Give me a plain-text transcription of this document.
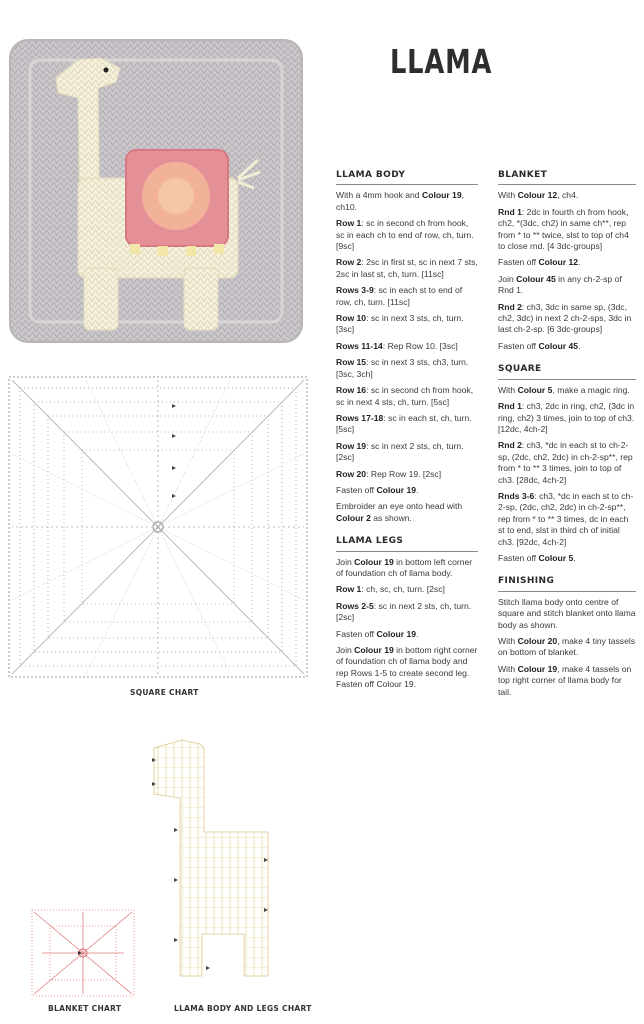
LLAMA
SQUARE CHART
BLANKET CHART	LLAMA BODY AND LEGS CHART
LLAMA BODY

With a 4mm hook and Colour 19, ch10.

Row 1: sc in second ch from hook, sc in each ch to end of row, ch, turn. [9sc]

Row 2: 2sc in first st, sc in next 7 sts, 2sc in last st, ch, turn. [11sc]

Rows 3-9: sc in each st to end of row, ch, turn. [11sc]

Row 10: sc in next 3 sts, ch, turn. [3sc]

Rows 11-14: Rep Row 10. [3sc]

Row 15: sc in next 3 sts, ch3, turn. [3sc, 3ch]

Row 16: sc in second ch from hook, sc in next 4 sts, ch, turn. [5sc]

Rows 17-18: sc in each st, ch, turn. [5sc]

Row 19: sc in next 2 sts, ch, turn. [2sc]

Row 20: Rep Row 19. [2sc]

Fasten off Colour 19.

Embroider an eye onto head with Colour 2 as shown.

LLAMA LEGS

Join Colour 19 in bottom left corner of foundation ch of llama body.

Row 1: ch, sc, ch, turn. [2sc]

Rows 2-5: sc in next 2 sts, ch, turn. [2sc]

Fasten off Colour 19.

Join Colour 19 in bottom right corner of foundation ch of llama body and rep Rows 1-5 to create second leg. Fasten off Colour 19.

BLANKET

With Colour 12, ch4.

Rnd 1: 2dc in fourth ch from hook, ch2, *(3dc, ch2) in same ch**, rep from * to ** twice, slst to top of ch4 to close rnd. [4 3dc-groups]

Fasten off Colour 12.

Join Colour 45 in any ch-2-sp of Rnd 1.

Rnd 2: ch3, 3dc in same sp, (3dc, ch2, 3dc) in next 2 ch-2-sps, 3dc in last ch-2-sp. [6 3dc-groups]

Fasten off Colour 45.

SQUARE

With Colour 5, make a magic ring.

Rnd 1: ch3, 2dc in ring, ch2, (3dc in ring, ch2) 3 times, join to top of ch3. [12dc, 4ch-2]

Rnd 2: ch3, *dc in each st to ch-2-sp, (2dc, ch2, 2dc) in ch-2-sp**, rep from * to ** 3 times, join to top of ch3. [28dc, 4ch-2]

Rnds 3-6: ch3, *dc in each st to ch-2-sp, (2dc, ch2, 2dc) in ch-2-sp**, rep from * to ** 3 times, dc in each st to end, slst in third ch of initial ch3. [92dc, 4ch-2]

Fasten off Colour 5.

FINISHING

Stitch llama body onto centre of square and stitch blanket onto llama body as shown.

With Colour 20, make 4 tiny tassels on bottom of blanket.

With Colour 19, make 4 tassels on top right corner of llama body for tail.
